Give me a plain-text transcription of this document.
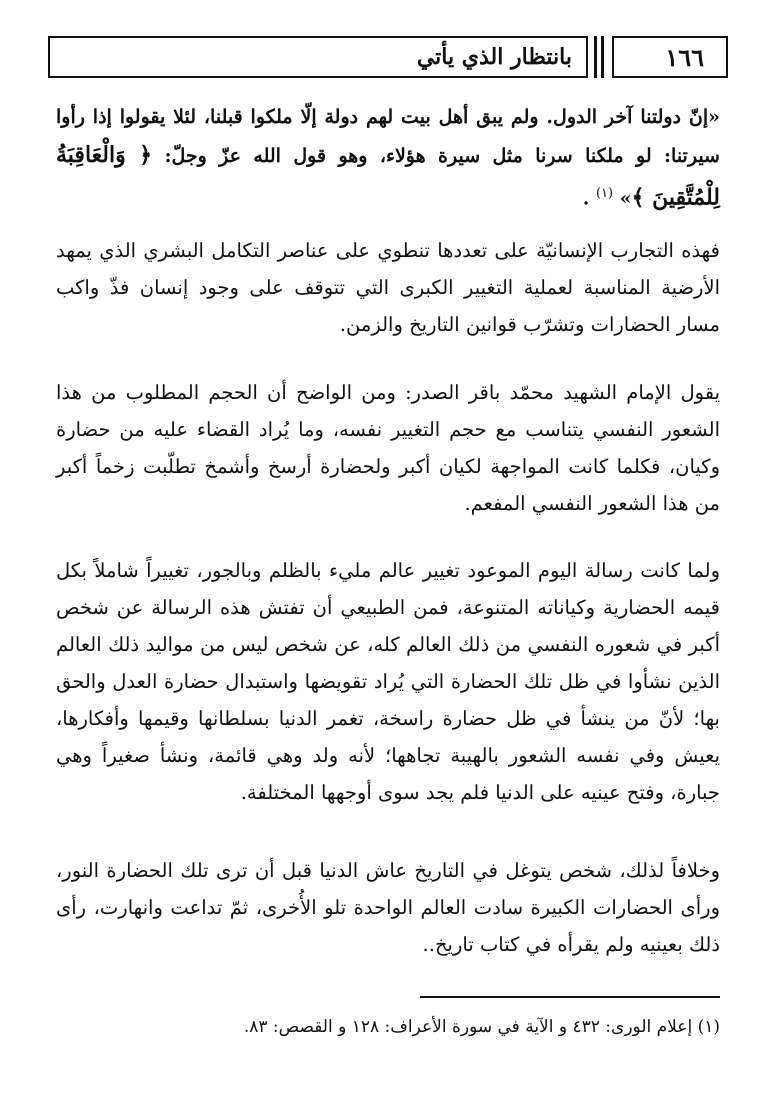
١٦٦
بانتظار الذي يأتي

«إنّ دولتنا آخر الدول. ولم يبق أهل بيت لهم دولة إلّا ملكوا قبلنا، لئلا يقولوا إذا رأوا سيرتنا: لو ملكنا سرنا مثل سيرة هؤلاء، وهو قول الله عزّ وجلّ: ﴿ وَالْعَاقِبَةُ لِلْمُتَّقِينَ ﴾» $^{(١)}$ .

فهذه التجارب الإنسانيّة على تعددها تنطوي على عناصر التكامل البشري الذي يمهد الأرضية المناسبة لعملية التغيير الكبرى التي تتوقف على وجود إنسان فذّ واكب مسار الحضارات وتشرّب قوانين التاريخ والزمن.

يقول الإمام الشهيد محمّد باقر الصدر: ومن الواضح أن الحجم المطلوب من هذا الشعور النفسي يتناسب مع حجم التغيير نفسه، وما يُراد القضاء عليه من حضارة وكيان، فكلما كانت المواجهة لكيان أكبر ولحضارة أرسخ وأشمخ تطلّبت زخماً أكبر من هذا الشعور النفسي المفعم.

ولما كانت رسالة اليوم الموعود تغيير عالم مليء بالظلم وبالجور، تغييراً شاملاً بكل قيمه الحضارية وكياناته المتنوعة، فمن الطبيعي أن تفتش هذه الرسالة عن شخص أكبر في شعوره النفسي من ذلك العالم كله، عن شخص ليس من مواليد ذلك العالم الذين نشأوا في ظل تلك الحضارة التي يُراد تقويضها واستبدال حضارة العدل والحق بها؛ لأنّ من ينشأ في ظل حضارة راسخة، تغمر الدنيا بسلطانها وقيمها وأفكارها، يعيش وفي نفسه الشعور بالهيبة تجاهها؛ لأنه ولد وهي قائمة، ونشأ صغيراً وهي جبارة، وفتح عينيه على الدنيا فلم يجد سوى أوجهها المختلفة.

وخلافاً لذلك، شخص يتوغل في التاريخ عاش الدنيا قبل أن ترى تلك الحضارة النور، ورأى الحضارات الكبيرة سادت العالم الواحدة تلو الأُخرى، ثمّ تداعت وانهارت، رأى ذلك بعينيه ولم يقرأه في كتاب تاريخ..

(١) إعلام الورى: ٤٣٢ و الآية في سورة الأعراف: ١٢٨ و القصص: ٨٣.
